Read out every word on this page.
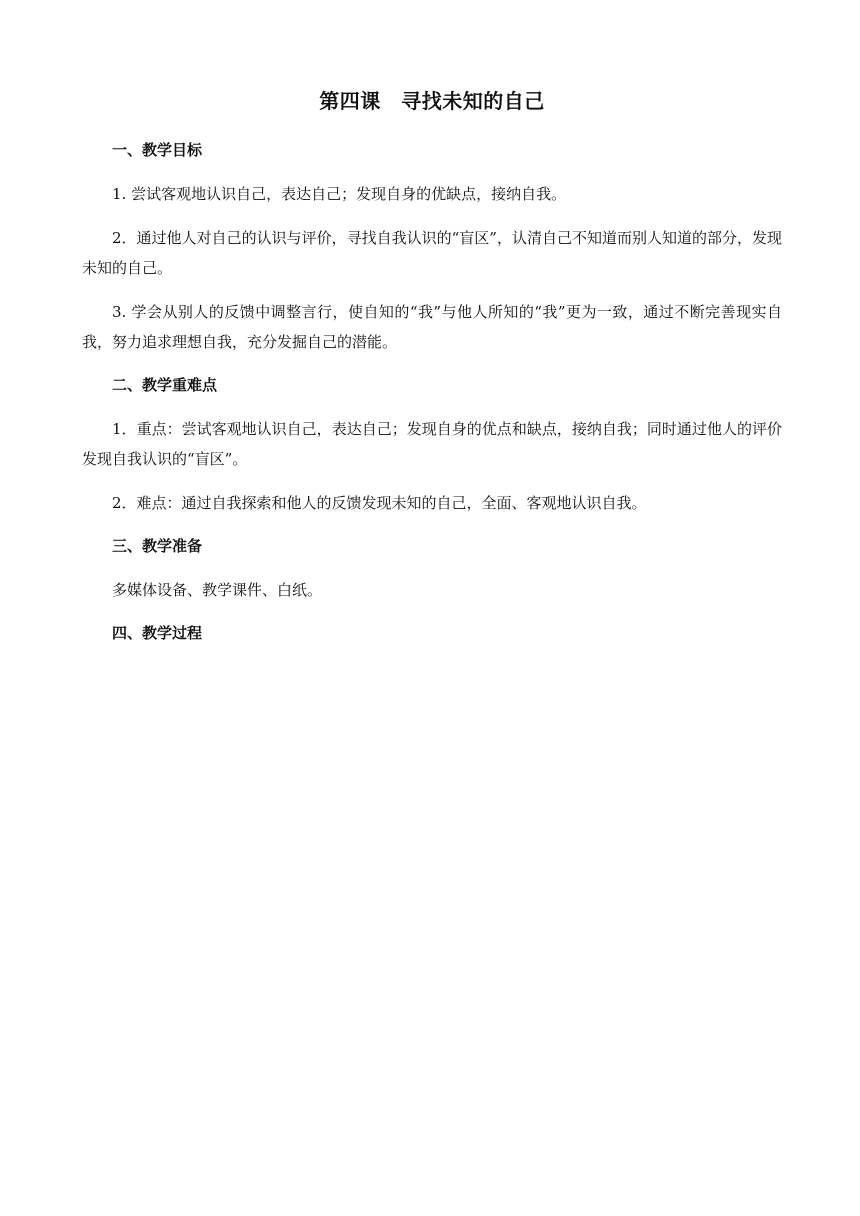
第四课　寻找未知的自己
一、教学目标

1. 尝试客观地认识自己，表达自己；发现自身的优缺点，接纳自我。

2．通过他人对自己的认识与评价，寻找自我认识的“盲区”，认清自己不知道而别人知道的部分，发现未知的自己。

3. 学会从别人的反馈中调整言行，使自知的“我”与他人所知的“我”更为一致，通过不断完善现实自我，努力追求理想自我，充分发掘自己的潜能。

二、教学重难点

1．重点：尝试客观地认识自己，表达自己；发现自身的优点和缺点，接纳自我；同时通过他人的评价发现自我认识的“盲区”。

2．难点：通过自我探索和他人的反馈发现未知的自己，全面、客观地认识自我。

三、教学准备

多媒体设备、教学课件、白纸。

四、教学过程
